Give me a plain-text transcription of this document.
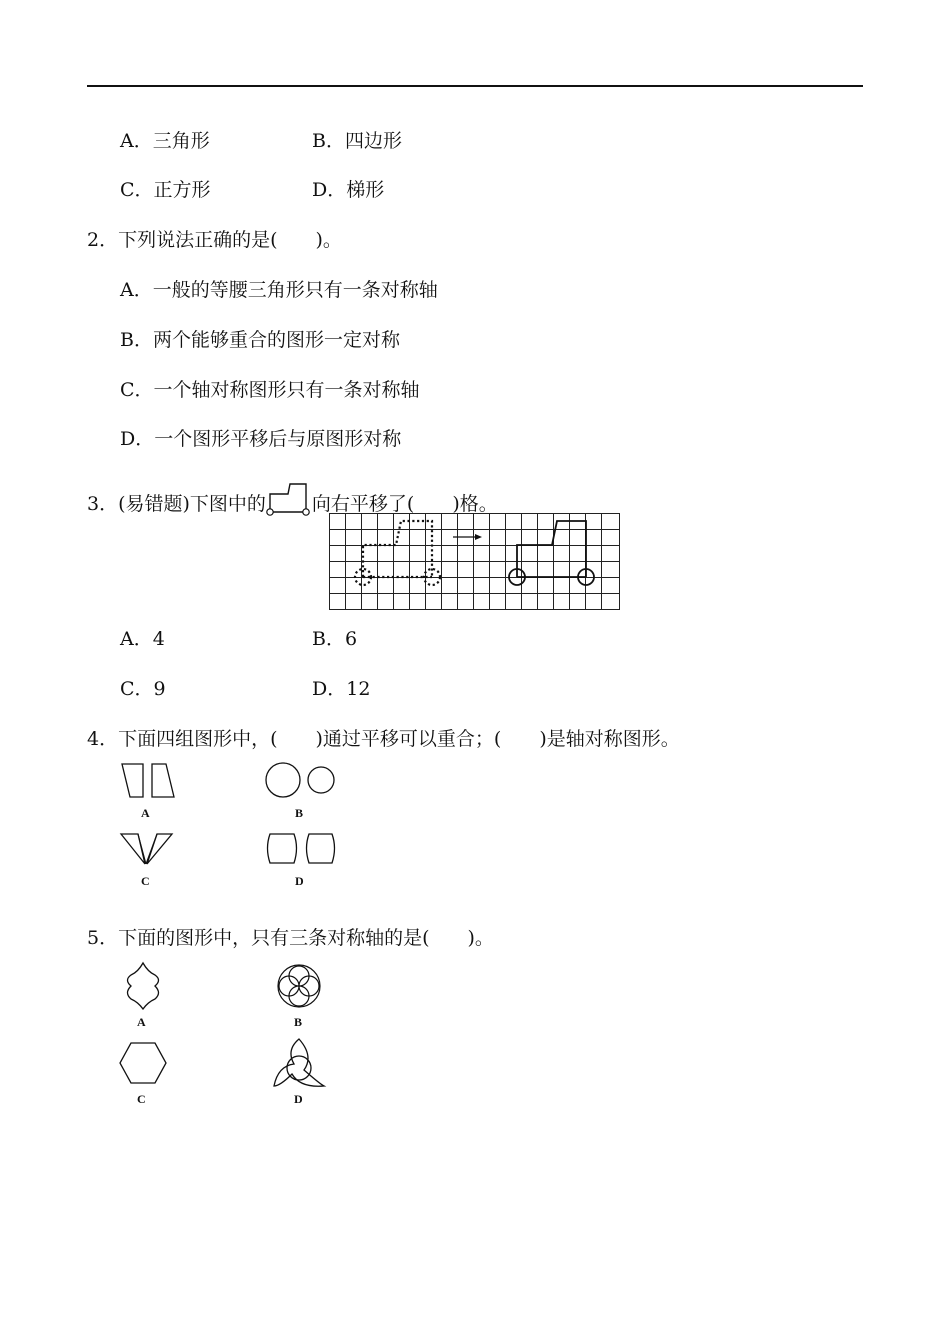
A．三角形	B．四边形
C．正方形	D．梯形
2．下列说法正确的是( )。
A．一般的等腰三角形只有一条对称轴
B．两个能够重合的图形一定对称
C．一个轴对称图形只有一条对称轴
D．一个图形平移后与原图形对称
3．(易错题)下图中的 向右平移了( )格。
A．4	B．6
C．9	D．12
4．下面四组图形中，( )通过平移可以重合；( )是轴对称图形。
A	B
C	D
5．下面的图形中，只有三条对称轴的是( )。
A	B
C	D
